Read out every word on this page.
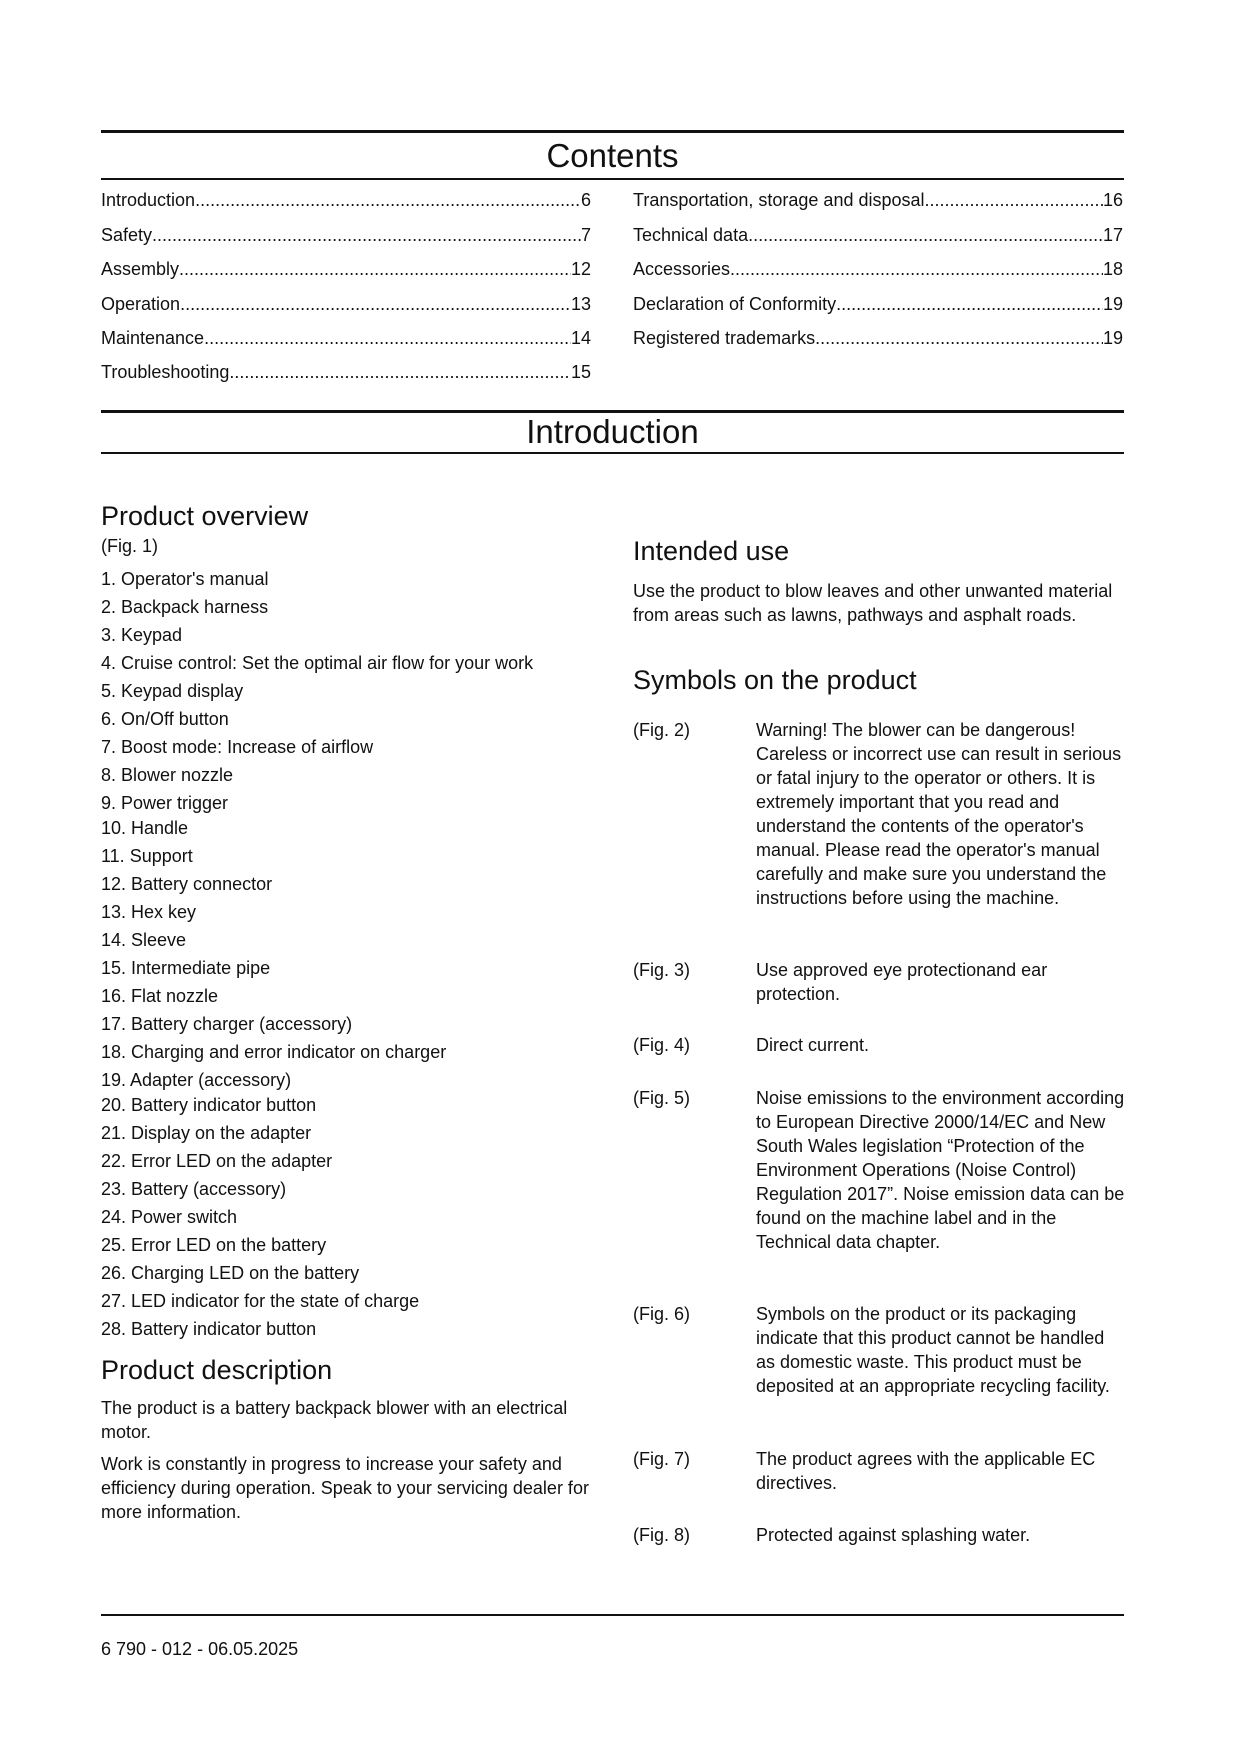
Contents
Introduction .....	6
Safety .....	7
Assembly .....	12
Operation .....	13
Maintenance .....	14
Troubleshooting .....	15
Transportation, storage and disposal .....	16
Technical data .....	17
Accessories .....	18
Declaration of Conformity .....	19
Registered trademarks .....	19
Introduction
Product overview
(Fig. 1)
1. Operator's manual
2. Backpack harness
3. Keypad
4. Cruise control: Set the optimal air flow for your work
5. Keypad display
6. On/Off button
7. Boost mode: Increase of airflow
8. Blower nozzle
9. Power trigger
10. Handle
11. Support
12. Battery connector
13. Hex key
14. Sleeve
15. Intermediate pipe
16. Flat nozzle
17. Battery charger (accessory)
18. Charging and error indicator on charger
19. Adapter (accessory)
20. Battery indicator button
21. Display on the adapter
22. Error LED on the adapter
23. Battery (accessory)
24. Power switch
25. Error LED on the battery
26. Charging LED on the battery
27. LED indicator for the state of charge
28. Battery indicator button
Product description
The product is a battery backpack blower with an electrical motor.
Work is constantly in progress to increase your safety and efficiency during operation. Speak to your servicing dealer for more information.
Intended use
Use the product to blow leaves and other unwanted material from areas such as lawns, pathways and asphalt roads.
Symbols on the product
(Fig. 2)	Warning! The blower can be dangerous! Careless or incorrect use can result in serious or fatal injury to the operator or others. It is extremely important that you read and understand the contents of the operator's manual. Please read the operator's manual carefully and make sure you understand the instructions before using the machine.
(Fig. 3)	Use approved eye protectionand ear protection.
(Fig. 4)	Direct current.
(Fig. 5)	Noise emissions to the environment according to European Directive 2000/14/EC and New South Wales legislation “Protection of the Environment Operations (Noise Control) Regulation 2017”. Noise emission data can be found on the machine label and in the Technical data chapter.
(Fig. 6)	Symbols on the product or its packaging indicate that this product cannot be handled as domestic waste. This product must be deposited at an appropriate recycling facility.
(Fig. 7)	The product agrees with the applicable EC directives.
(Fig. 8)	Protected against splashing water.
6 790 - 012 - 06.05.2025
